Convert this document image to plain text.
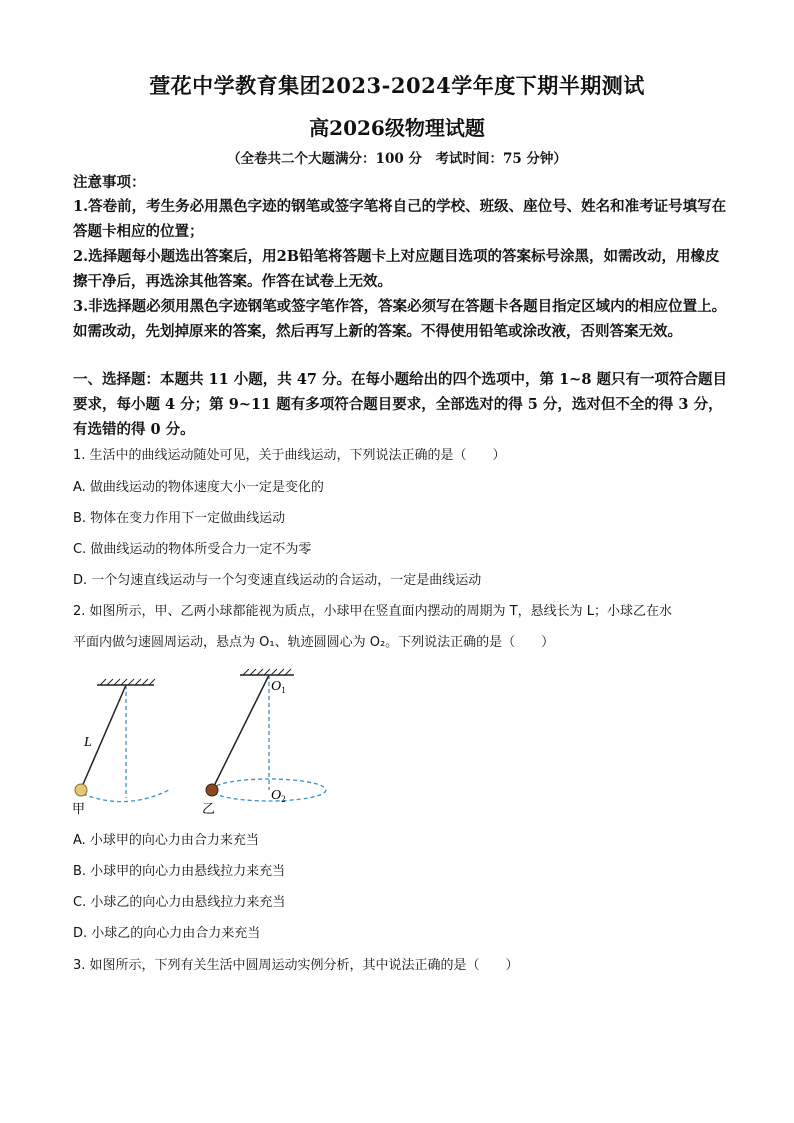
萱花中学教育集团2023-2024学年度下期半期测试
高2026级物理试题
（全卷共二个大题满分：100 分　考试时间：75 分钟）
注意事项：

1.答卷前，考生务必用黑色字迹的钢笔或签字笔将自己的学校、班级、座位号、姓名和准考证号填写在答题卡相应的位置；

2.选择题每小题选出答案后，用2B铅笔将答题卡上对应题目选项的答案标号涂黑，如需改动，用橡皮擦干净后，再选涂其他答案。作答在试卷上无效。

3.非选择题必须用黑色字迹钢笔或签字笔作答，答案必须写在答题卡各题目指定区域内的相应位置上。如需改动，先划掉原来的答案，然后再写上新的答案。不得使用铅笔或涂改液，否则答案无效。

一、选择题：本题共 11 小题，共 47 分。在每小题给出的四个选项中，第 1~8 题只有一项符合题目要求，每小题 4 分；第 9~11 题有多项符合题目要求，全部选对的得 5 分，选对但不全的得 3 分，有选错的得 0 分。

1. 生活中的曲线运动随处可见，关于曲线运动，下列说法正确的是（　　）
A. 做曲线运动的物体速度大小一定是变化的
B. 物体在变力作用下一定做曲线运动
C. 做曲线运动的物体所受合力一定不为零
D. 一个匀速直线运动与一个匀变速直线运动的合运动，一定是曲线运动
2. 如图所示，甲、乙两小球都能视为质点，小球甲在竖直面内摆动的周期为 T，悬线长为 L；小球乙在水
平面内做匀速圆周运动，悬点为 O₁、轨迹圆圆心为 O₂。下列说法正确的是（　　）
L
甲	乙
$O_1$
$O_2$
A. 小球甲的向心力由合力来充当
B. 小球甲的向心力由悬线拉力来充当
C. 小球乙的向心力由悬线拉力来充当
D. 小球乙的向心力由合力来充当
3. 如图所示，下列有关生活中圆周运动实例分析，其中说法正确的是（　　）
